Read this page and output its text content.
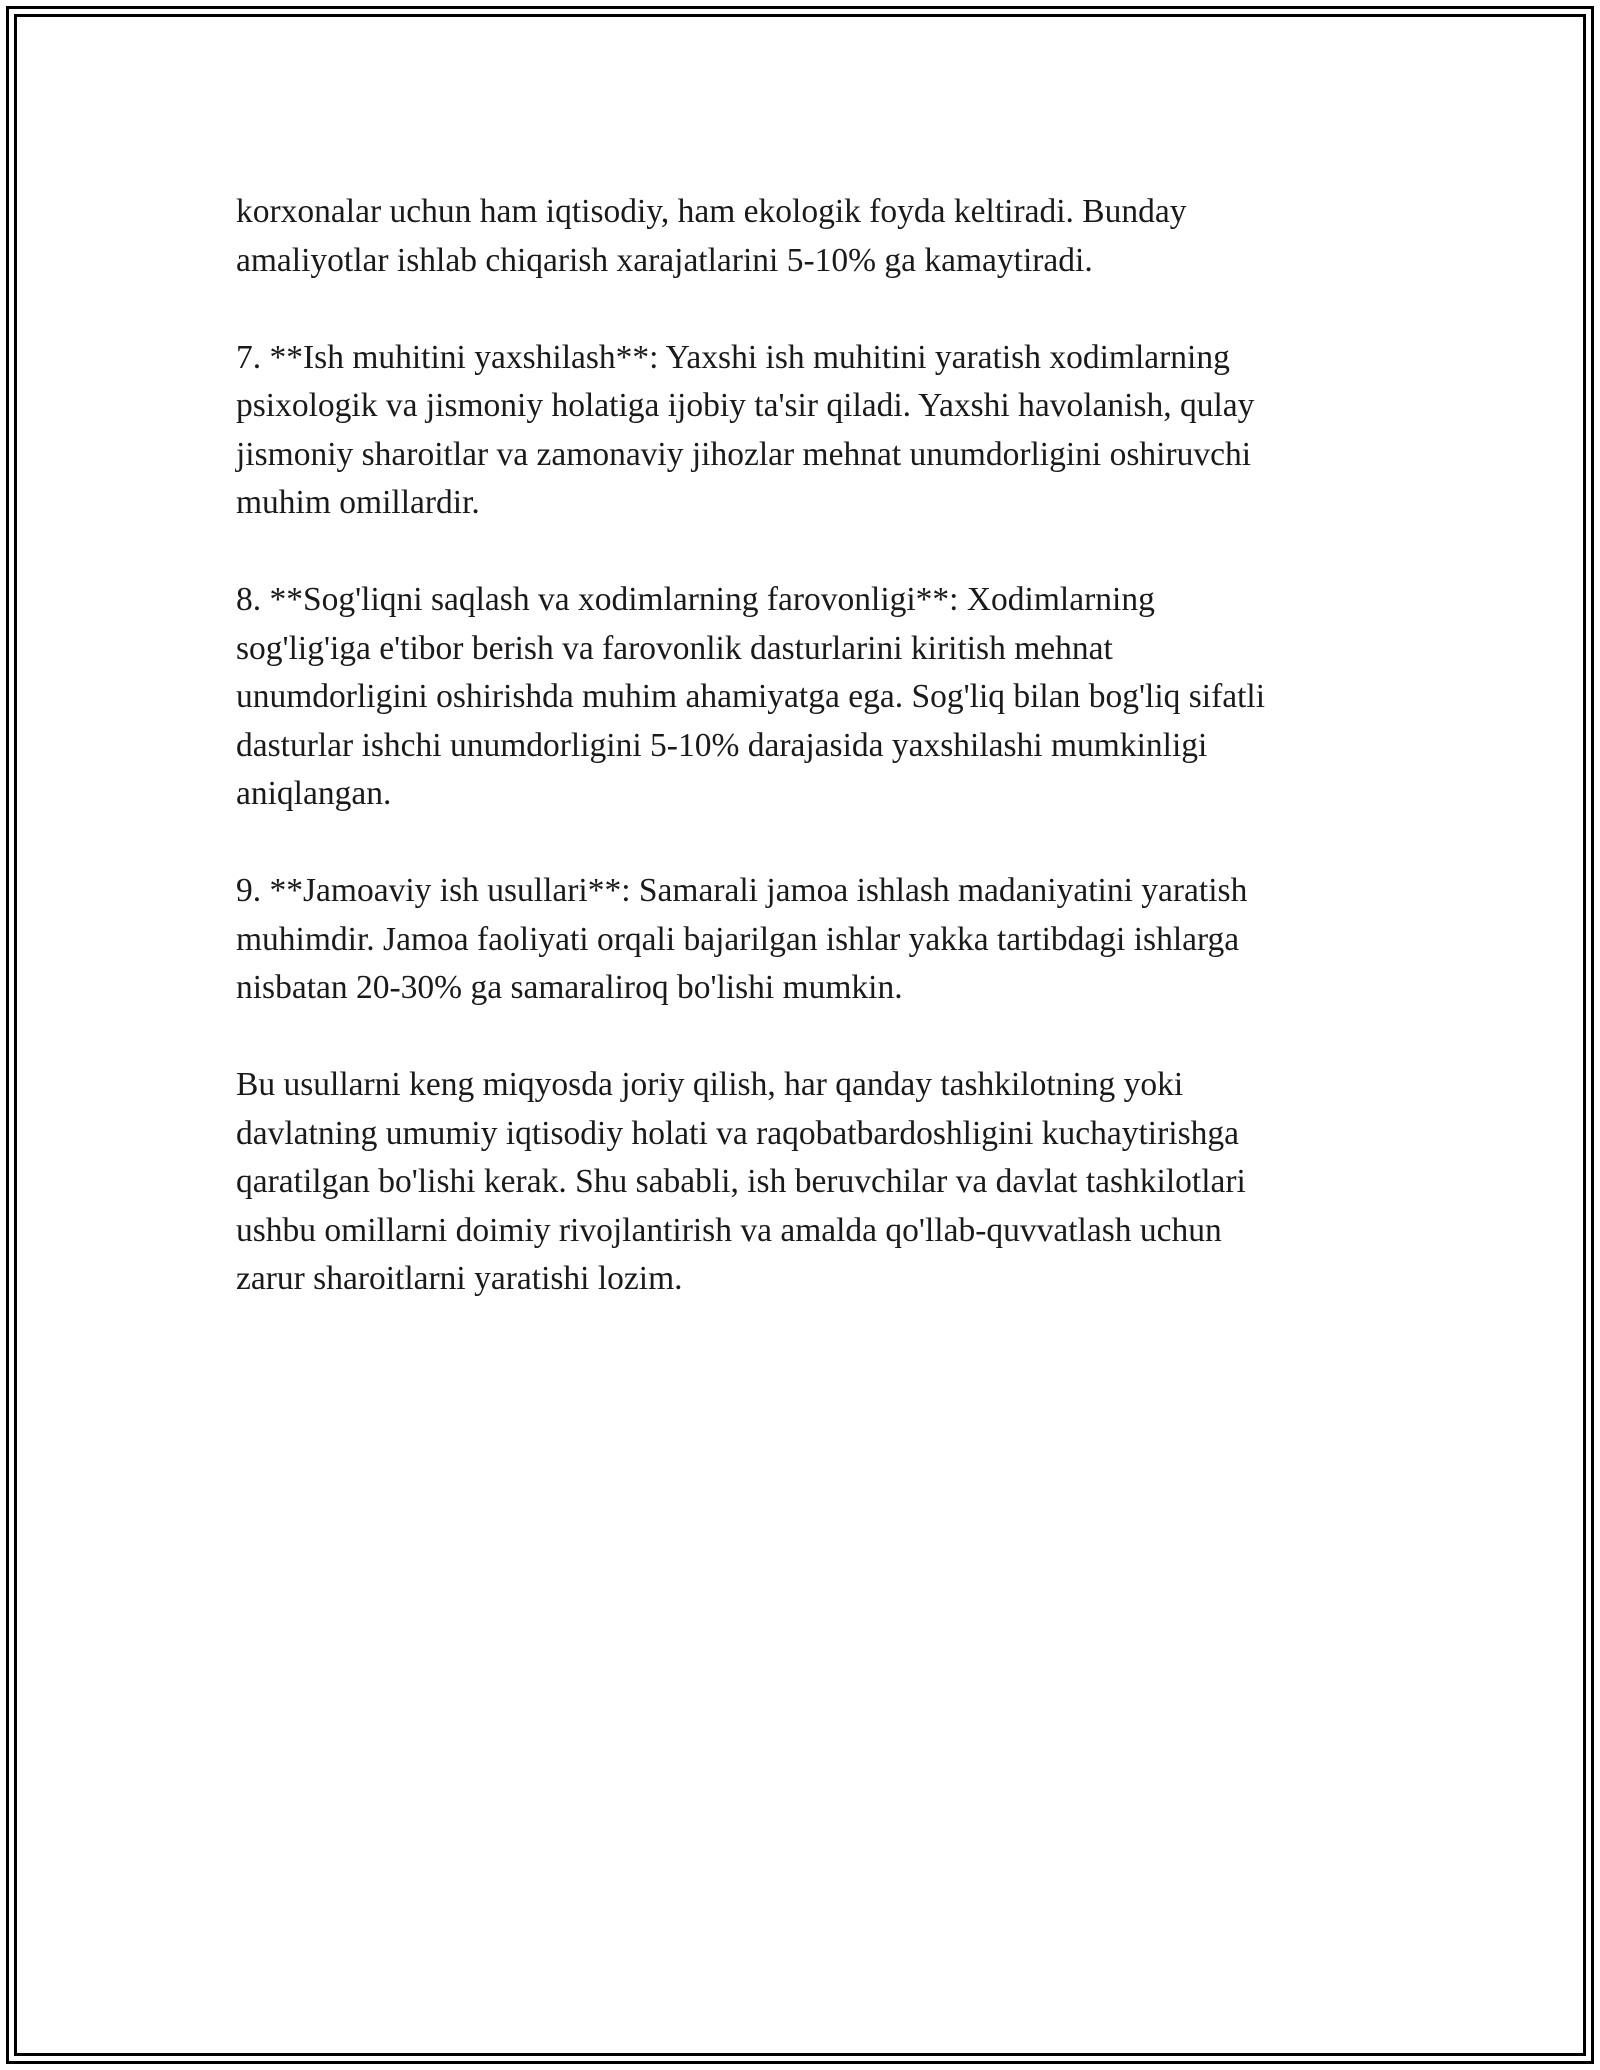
korxonalar uchun ham iqtisodiy, ham ekologik foyda keltiradi. Bunday
amaliyotlar ishlab chiqarish xarajatlarini 5-10% ga kamaytiradi.

7. **Ish muhitini yaxshilash**: Yaxshi ish muhitini yaratish xodimlarning
psixologik va jismoniy holatiga ijobiy ta'sir qiladi. Yaxshi havolanish, qulay
jismoniy sharoitlar va zamonaviy jihozlar mehnat unumdorligini oshiruvchi
muhim omillardir.

8. **Sog'liqni saqlash va xodimlarning farovonligi**: Xodimlarning
sog'lig'iga e'tibor berish va farovonlik dasturlarini kiritish mehnat
unumdorligini oshirishda muhim ahamiyatga ega. Sog'liq bilan bog'liq sifatli
dasturlar ishchi unumdorligini 5-10% darajasida yaxshilashi mumkinligi
aniqlangan.

9. **Jamoaviy ish usullari**: Samarali jamoa ishlash madaniyatini yaratish
muhimdir. Jamoa faoliyati orqali bajarilgan ishlar yakka tartibdagi ishlarga
nisbatan 20-30% ga samaraliroq bo'lishi mumkin.

Bu usullarni keng miqyosda joriy qilish, har qanday tashkilotning yoki
davlatning umumiy iqtisodiy holati va raqobatbardoshligini kuchaytirishga
qaratilgan bo'lishi kerak. Shu sababli, ish beruvchilar va davlat tashkilotlari
ushbu omillarni doimiy rivojlantirish va amalda qo'llab-quvvatlash uchun
zarur sharoitlarni yaratishi lozim.
